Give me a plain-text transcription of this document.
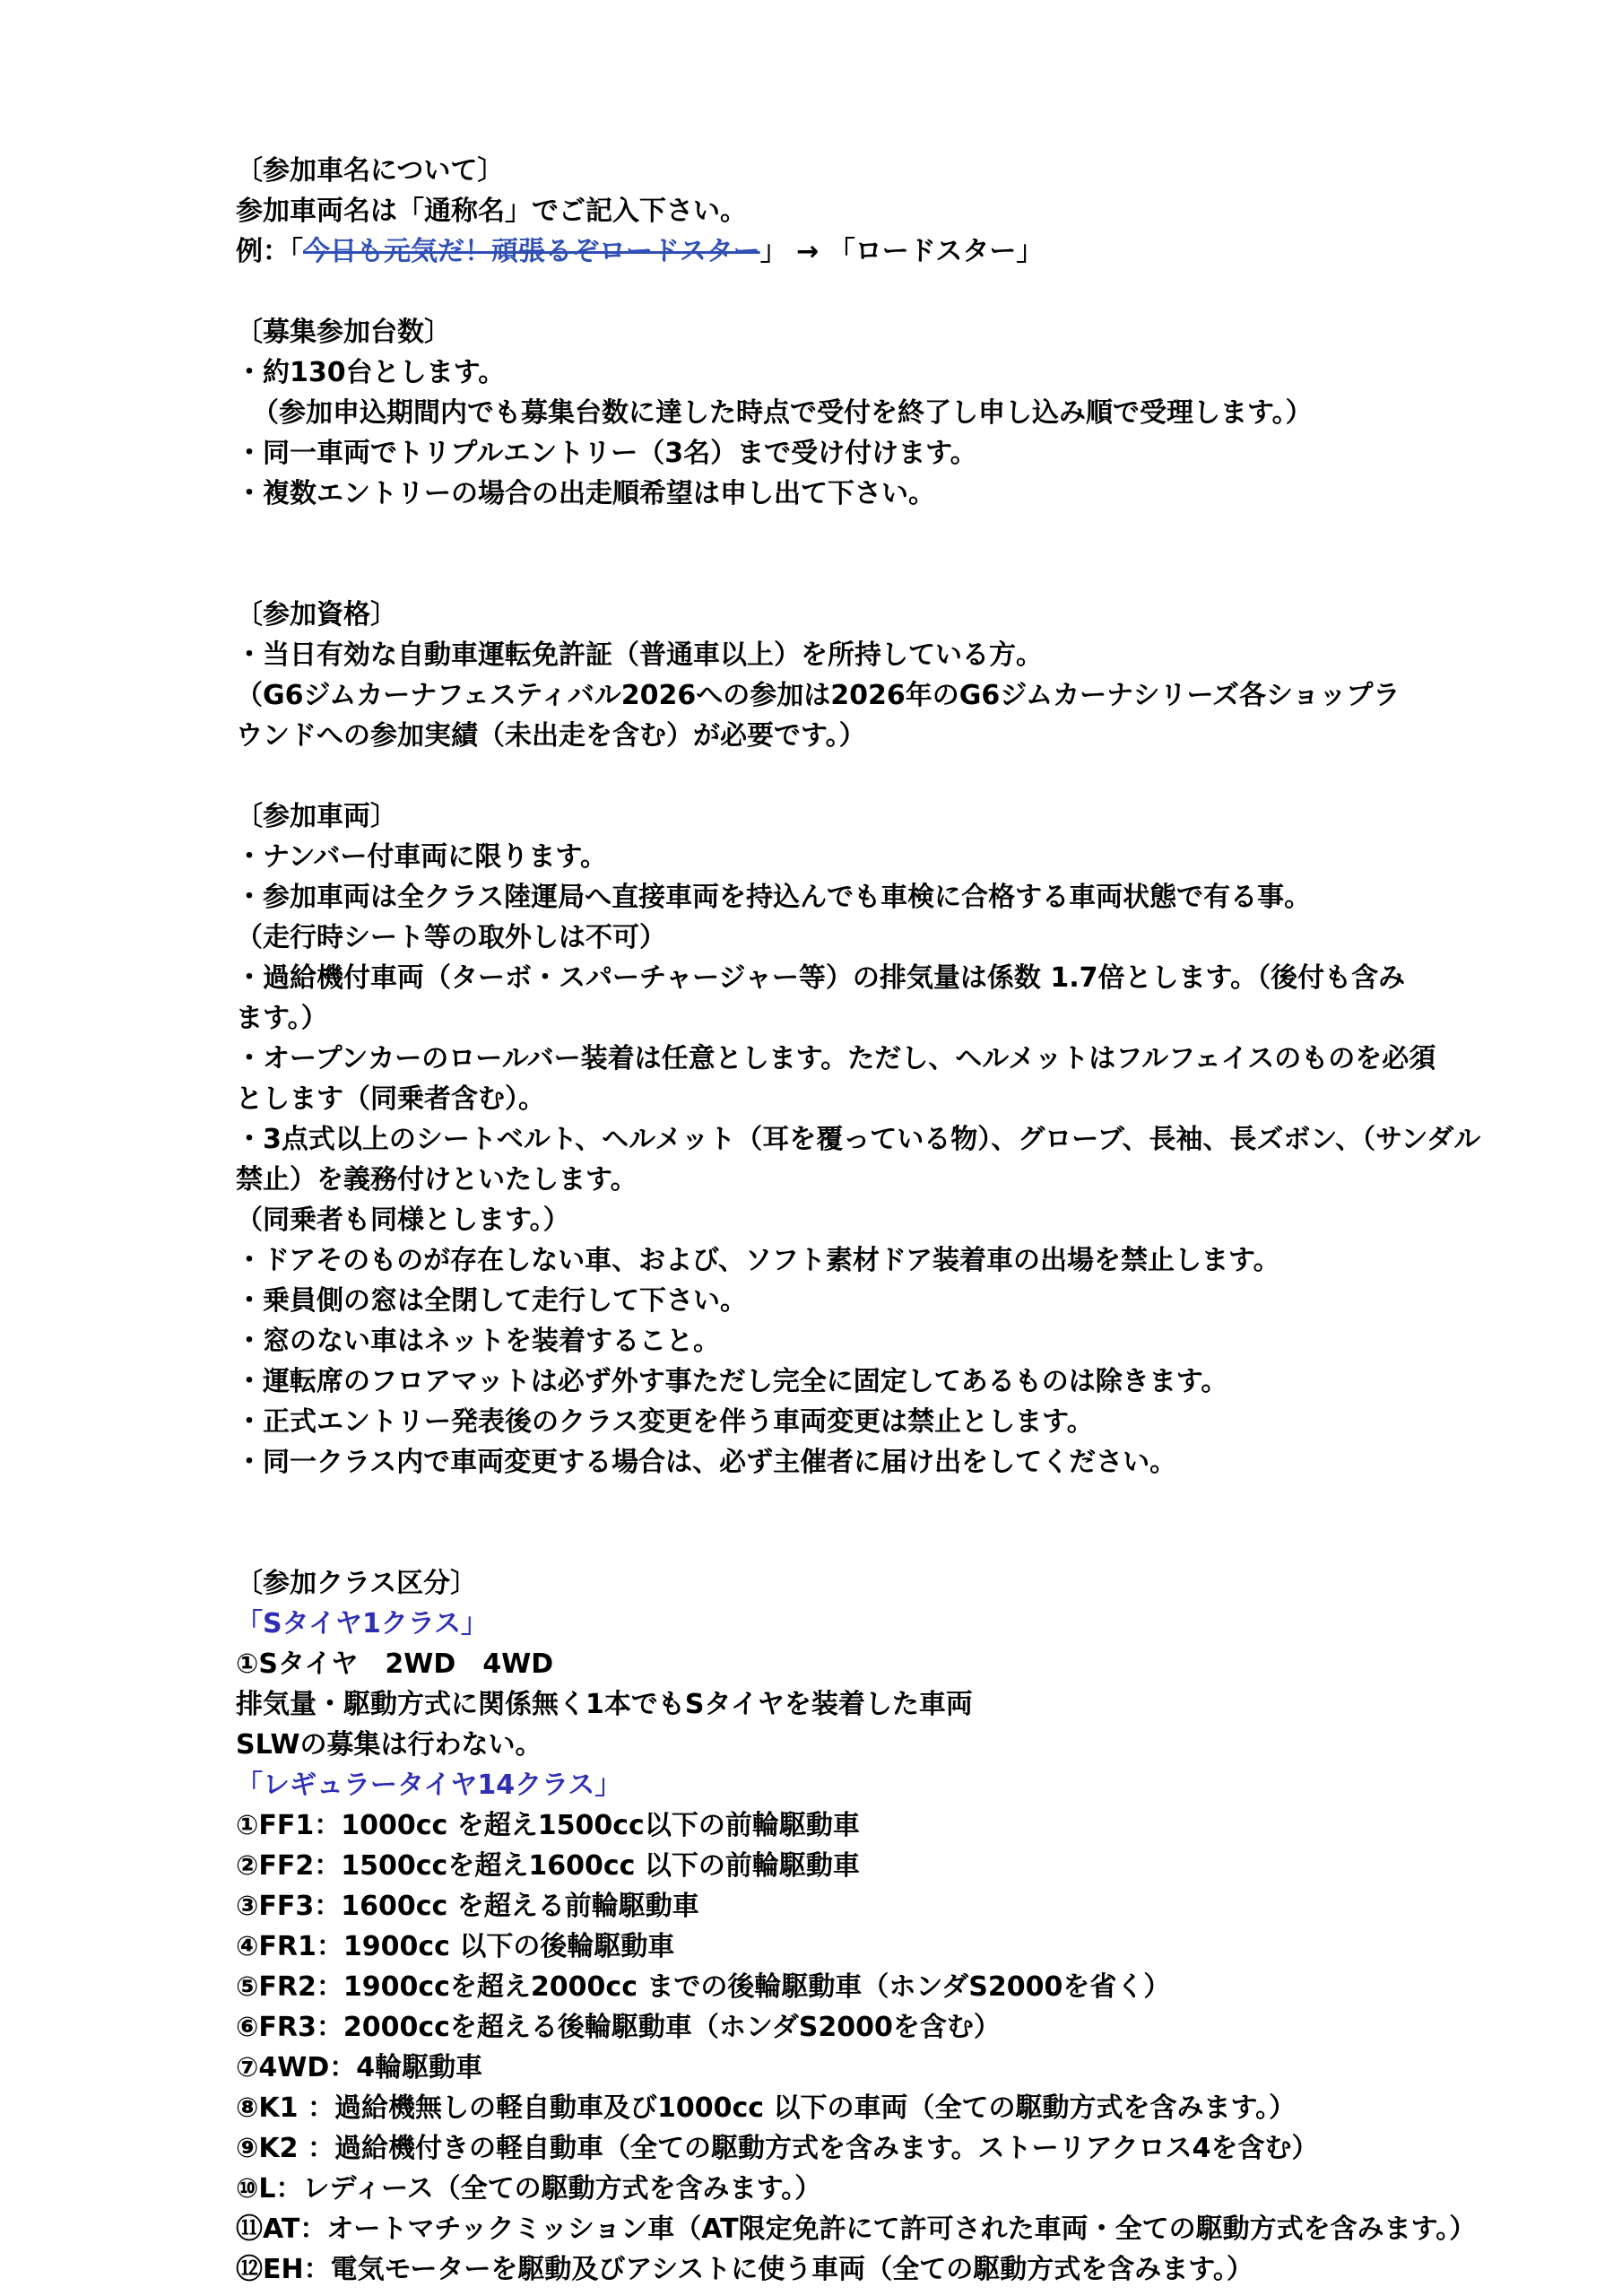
〔参加車名について〕
参加車両名は「通称名」でご記入下さい。
例：「今日も元気だ！頑張るぞロードスター」 → 「ロードスター」
〔募集参加台数〕
・約130台とします。
（参加申込期間内でも募集台数に達した時点で受付を終了し申し込み順で受理します。）
・同一車両でトリプルエントリー（3名）まで受け付けます。
・複数エントリーの場合の出走順希望は申し出て下さい。
〔参加資格〕
・当日有効な自動車運転免許証（普通車以上）を所持している方。
（G6ジムカーナフェスティバル2026への参加は2026年のG6ジムカーナシリーズ各ショップラ
ウンドへの参加実績（未出走を含む）が必要です。）
〔参加車両〕
・ナンバー付車両に限ります。
・参加車両は全クラス陸運局へ直接車両を持込んでも車検に合格する車両状態で有る事。
（走行時シート等の取外しは不可）
・過給機付車両（ターボ・スパーチャージャー等）の排気量は係数 1.7倍とします。（後付も含み
ます。）
・オープンカーのロールバー装着は任意とします。ただし、ヘルメットはフルフェイスのものを必須
とします（同乗者含む）。
・3点式以上のシートベルト、ヘルメット（耳を覆っている物）、グローブ、長袖、長ズボン、（サンダル
禁止）を義務付けといたします。
（同乗者も同様とします。）
・ドアそのものが存在しない車、および、ソフト素材ドア装着車の出場を禁止します。
・乗員側の窓は全閉して走行して下さい。
・窓のない車はネットを装着すること。
・運転席のフロアマットは必ず外す事ただし完全に固定してあるものは除きます。
・正式エントリー発表後のクラス変更を伴う車両変更は禁止とします。
・同一クラス内で車両変更する場合は、必ず主催者に届け出をしてください。
〔参加クラス区分〕
「Sタイヤ1クラス」
①Sタイヤ　2WD　4WD
排気量・駆動方式に関係無く1本でもSタイヤを装着した車両
SLWの募集は行わない。
「レギュラータイヤ14クラス」
①FF1：1000cc を超え1500cc以下の前輪駆動車
②FF2：1500ccを超え1600cc 以下の前輪駆動車
③FF3：1600cc を超える前輪駆動車
④FR1：1900cc 以下の後輪駆動車
⑤FR2：1900ccを超え2000cc までの後輪駆動車（ホンダS2000を省く）
⑥FR3：2000ccを超える後輪駆動車（ホンダS2000を含む）
⑦4WD：4輪駆動車
⑧K1 ：過給機無しの軽自動車及び1000cc 以下の車両（全ての駆動方式を含みます。）
⑨K2 ：過給機付きの軽自動車（全ての駆動方式を含みます。ストーリアクロス4を含む）
⑩L：レディース（全ての駆動方式を含みます。）
⑪AT：オートマチックミッション車（AT限定免許にて許可された車両・全ての駆動方式を含みます。）
⑫EH：電気モーターを駆動及びアシストに使う車両（全ての駆動方式を含みます。）
